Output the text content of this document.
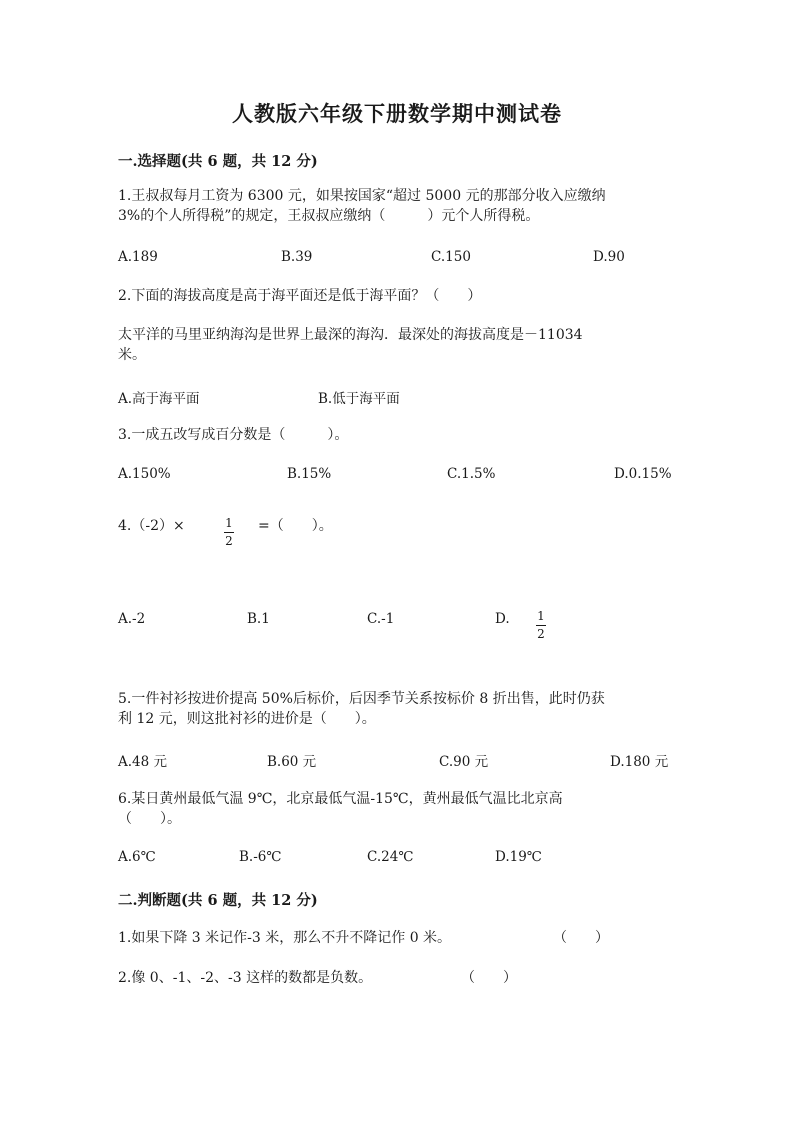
人教版六年级下册数学期中测试卷
一.选择题(共 6 题，共 12 分)
1.王叔叔每月工资为 6300 元，如果按国家“超过 5000 元的那部分收入应缴纳
3%的个人所得税”的规定，王叔叔应缴纳（　　　）元个人所得税。
A.189	B.39	C.150	D.90
2.下面的海拔高度是高于海平面还是低于海平面？（　　）
太平洋的马里亚纳海沟是世界上最深的海沟．最深处的海拔高度是－11034
米。
A.高于海平面	B.低于海平面
3.一成五改写成百分数是（　　　）。
A.150%	B.15%	C.1.5%	D.0.15%
4.（-2）×	$\frac{1}{2}$ =（　　）。
A.-2	B.1	C.-1	D. $\frac{1}{2}$
5.一件衬衫按进价提高 50%后标价，后因季节关系按标价 8 折出售，此时仍获
利 12 元，则这批衬衫的进价是（　　）。
A.48 元	B.60 元	C.90 元	D.180 元
6.某日黄州最低气温 9℃，北京最低气温-15℃，黄州最低气温比北京高
（　　）。
A.6℃	B.-6℃	C.24℃	D.19℃
二.判断题(共 6 题，共 12 分)
1.如果下降 3 米记作-3 米，那么不升不降记作 0 米。	（　　）
2.像 0、-1、-2、-3 这样的数都是负数。	（　　）
